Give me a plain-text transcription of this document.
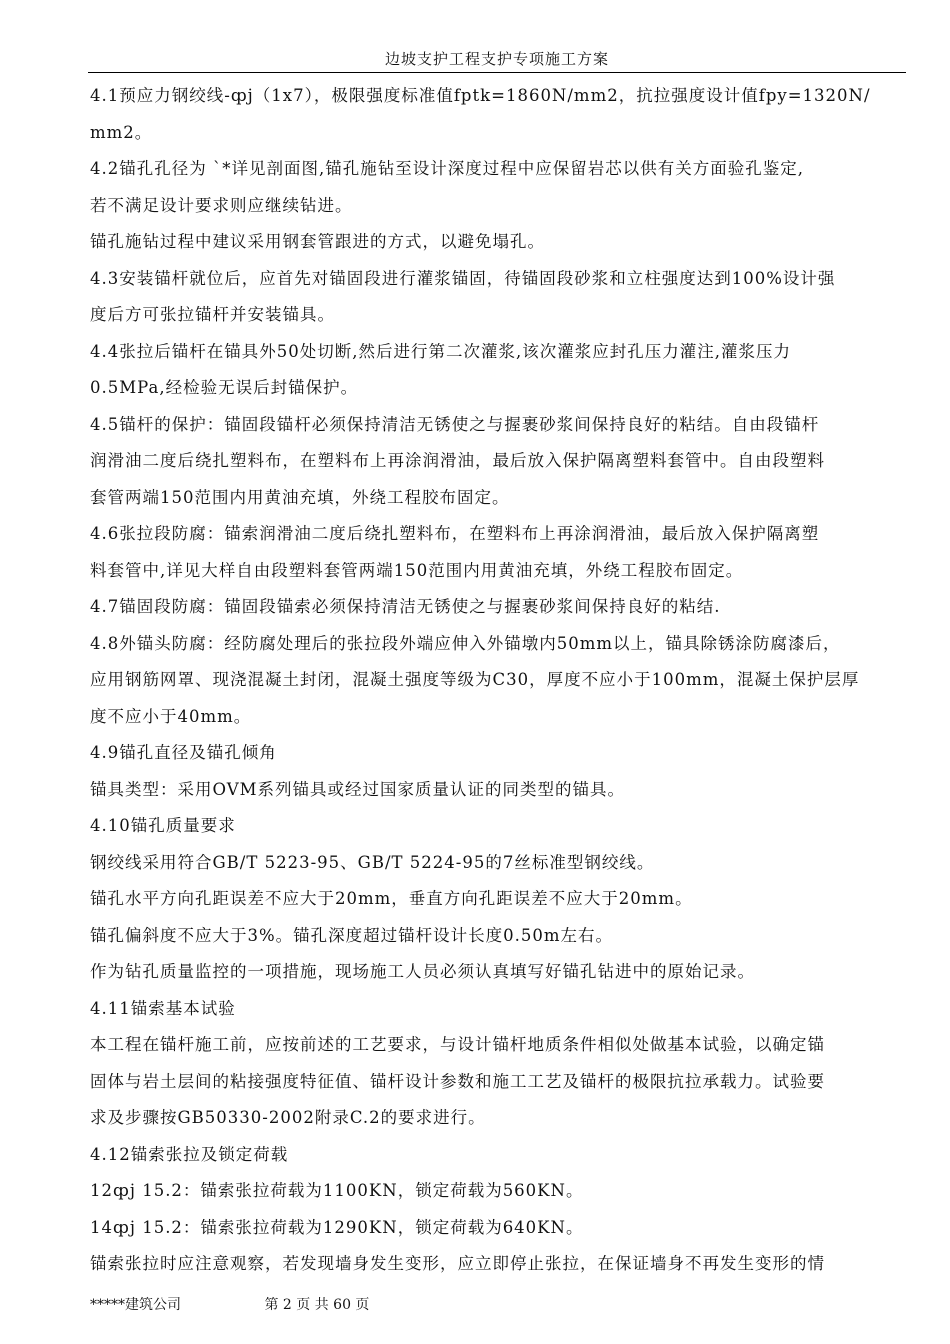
边坡支护工程支护专项施工方案
4.1预应力钢绞线-ȹj（1x7），极限强度标准值fptk=1860N/mm2，抗拉强度设计值fpy=1320N/
mm2。
4.2锚孔孔径为 ˋ*详见剖面图,锚孔施钻至设计深度过程中应保留岩芯以供有关方面验孔鉴定,
若不满足设计要求则应继续钻进。
锚孔施钻过程中建议采用钢套管跟进的方式，以避免塌孔。
4.3安装锚杆就位后，应首先对锚固段进行灌浆锚固，待锚固段砂浆和立柱强度达到100%设计强
度后方可张拉锚杆并安装锚具。
4.4张拉后锚杆在锚具外50处切断,然后进行第二次灌浆,该次灌浆应封孔压力灌注,灌浆压力
0.5MPa,经检验无误后封锚保护。
4.5锚杆的保护：锚固段锚杆必须保持清洁无锈使之与握裹砂浆间保持良好的粘结。自由段锚杆
润滑油二度后绕扎塑料布，在塑料布上再涂润滑油，最后放入保护隔离塑料套管中。自由段塑料
套管两端150范围内用黄油充填，外绕工程胶布固定。
4.6张拉段防腐：锚索润滑油二度后绕扎塑料布，在塑料布上再涂润滑油，最后放入保护隔离塑
料套管中,详见大样自由段塑料套管两端150范围内用黄油充填，外绕工程胶布固定。
4.7锚固段防腐：锚固段锚索必须保持清洁无锈使之与握裹砂浆间保持良好的粘结.
4.8外锚头防腐：经防腐处理后的张拉段外端应伸入外锚墩内50mm以上，锚具除锈涂防腐漆后，
应用钢筋网罩、现浇混凝土封闭，混凝土强度等级为C30，厚度不应小于100mm，混凝土保护层厚
度不应小于40mm。
4.9锚孔直径及锚孔倾角
锚具类型：采用OVM系列锚具或经过国家质量认证的同类型的锚具。
4.10锚孔质量要求
钢绞线采用符合GB/T 5223-95、GB/T 5224-95的7丝标准型钢绞线。
锚孔水平方向孔距误差不应大于20mm，垂直方向孔距误差不应大于20mm。
锚孔偏斜度不应大于3%。锚孔深度超过锚杆设计长度0.50m左右。
作为钻孔质量监控的一项措施，现场施工人员必须认真填写好锚孔钻进中的原始记录。
4.11锚索基本试验
本工程在锚杆施工前，应按前述的工艺要求，与设计锚杆地质条件相似处做基本试验，以确定锚
固体与岩土层间的粘接强度特征值、锚杆设计参数和施工工艺及锚杆的极限抗拉承载力。试验要
求及步骤按GB50330-2002附录C.2的要求进行。
4.12锚索张拉及锁定荷载
12ȹj 15.2：锚索张拉荷载为1100KN，锁定荷载为560KN。
14ȹj 15.2：锚索张拉荷载为1290KN，锁定荷载为640KN。
锚索张拉时应注意观察，若发现墙身发生变形，应立即停止张拉，在保证墙身不再发生变形的情
*****建筑公司	第 2 页 共 60 页
